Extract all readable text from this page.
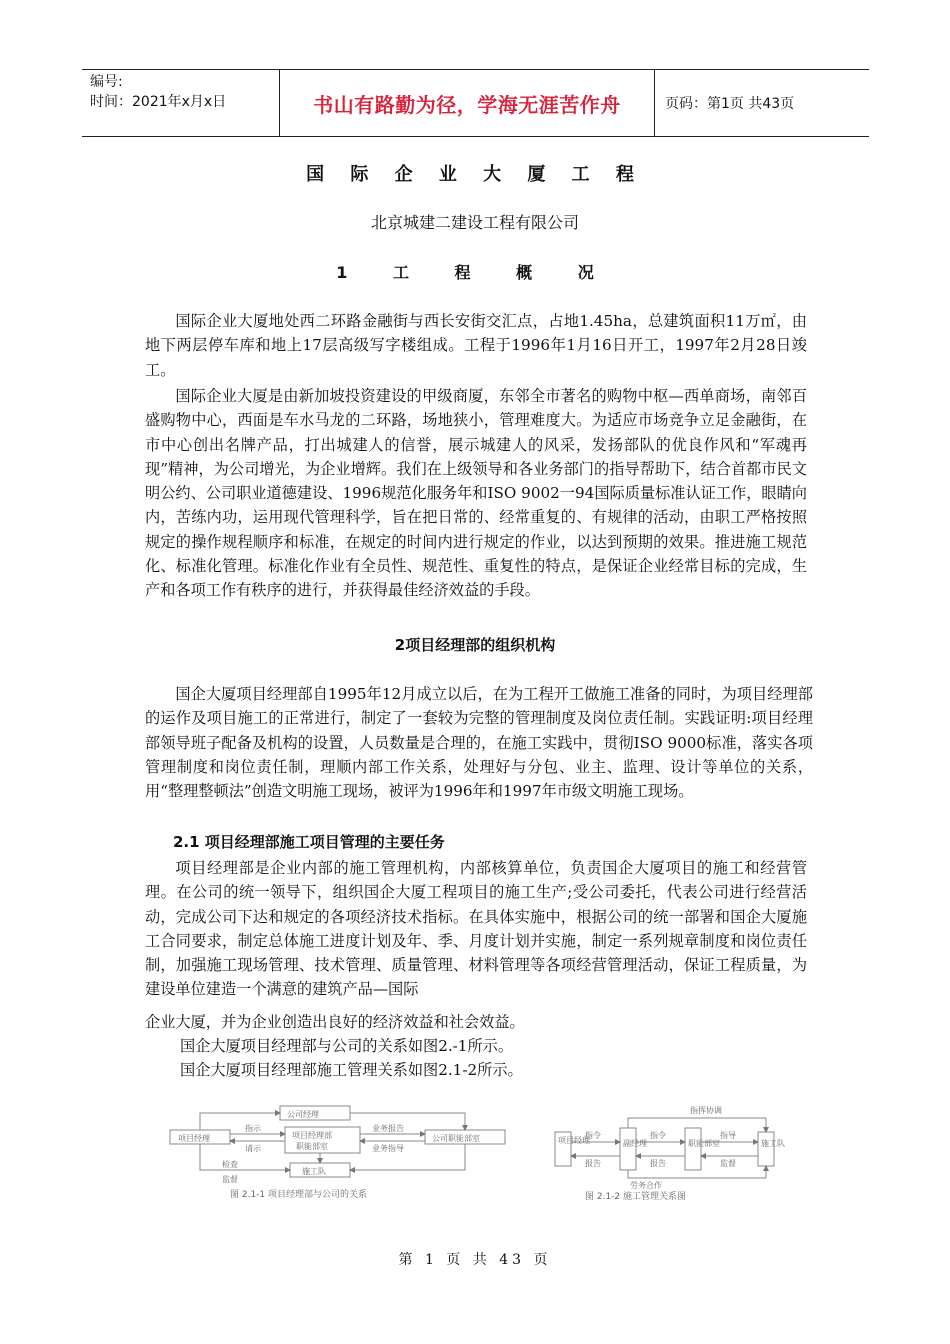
编号:
时间：2021年x月x日	书山有路勤为径，学海无涯苦作舟	页码：第1页 共43页
国 际 企 业 大 厦 工 程
北京城建二建设工程有限公司
1 工 程 概 况

国际企业大厦地处西二环路金融街与西长安街交汇点，占地1.45ha，总建筑面积11万㎡，由地下两层停车库和地上17层高级写字楼组成。工程于1996年1月16日开工，1997年2月28日竣工。

国际企业大厦是由新加坡投资建设的甲级商厦，东邻全市著名的购物中枢—西单商场，南邻百盛购物中心，西面是车水马龙的二环路，场地狭小，管理难度大。为适应市场竞争立足金融街，在市中心创出名牌产品，打出城建人的信誉，展示城建人的风采，发扬部队的优良作风和“军魂再现”精神，为公司增光，为企业增辉。我们在上级领导和各业务部门的指导帮助下，结合首都市民文明公约、公司职业道德建设、1996规范化服务年和ISO 9002一94国际质量标准认证工作，眼睛向内，苦练内功，运用现代管理科学，旨在把日常的、经常重复的、有规律的活动，由职工严格按照规定的操作规程顺序和标准，在规定的时间内进行规定的作业，以达到预期的效果。推进施工规范化、标准化管理。标准化作业有全员性、规范性、重复性的特点，是保证企业经常目标的完成，生产和各项工作有秩序的进行，并获得最佳经济效益的手段。

2项目经理部的组织机构

国企大厦项目经理部自1995年12月成立以后，在为工程开工做施工准备的同时，为项目经理部的运作及项目施工的正常进行，制定了一套较为完整的管理制度及岗位责任制。实践证明:项目经理部领导班子配备及机构的设置，人员数量是合理的，在施工实践中，贯彻ISO 9000标准，落实各项管理制度和岗位责任制，理顺内部工作关系，处理好与分包、业主、监理、设计等单位的关系，用“整理整顿法”创造文明施工现场，被评为1996年和1997年市级文明施工现场。

2.1 项目经理部施工项目管理的主要任务

项目经理部是企业内部的施工管理机构，内部核算单位，负责国企大厦项目的施工和经营管理。在公司的统一领导下，组织国企大厦工程项目的施工生产;受公司委托，代表公司进行经营活动，完成公司下达和规定的各项经济技术指标。在具体实施中，根据公司的统一部署和国企大厦施工合同要求，制定总体施工进度计划及年、季、月度计划并实施，制定一系列规章制度和岗位责任制，加强施工现场管理、技术管理、质量管理、材料管理等各项经营管理活动，保证工程质量，为建设单位建造一个满意的建筑产品—国际

企业大厦，并为企业创造出良好的经济效益和社会效益。
国企大厦项目经理部与公司的关系如图2.-1所示。
国企大厦项目经理部施工管理关系如图2.1-2所示。
公司经理
项目经理	项目经理部
职能部室
公司职能部室
施工队
指示
请示
业务报告
业务指导
检查
监督
图 2.1-1 项目经理部与公司的关系
项目经理	副经理	职能部室	施工队
指挥协调
指令
报告
指令
报告
指导
监督
劳务合作
图 2.1-2 施工管理关系图
第 1 页 共 43 页
